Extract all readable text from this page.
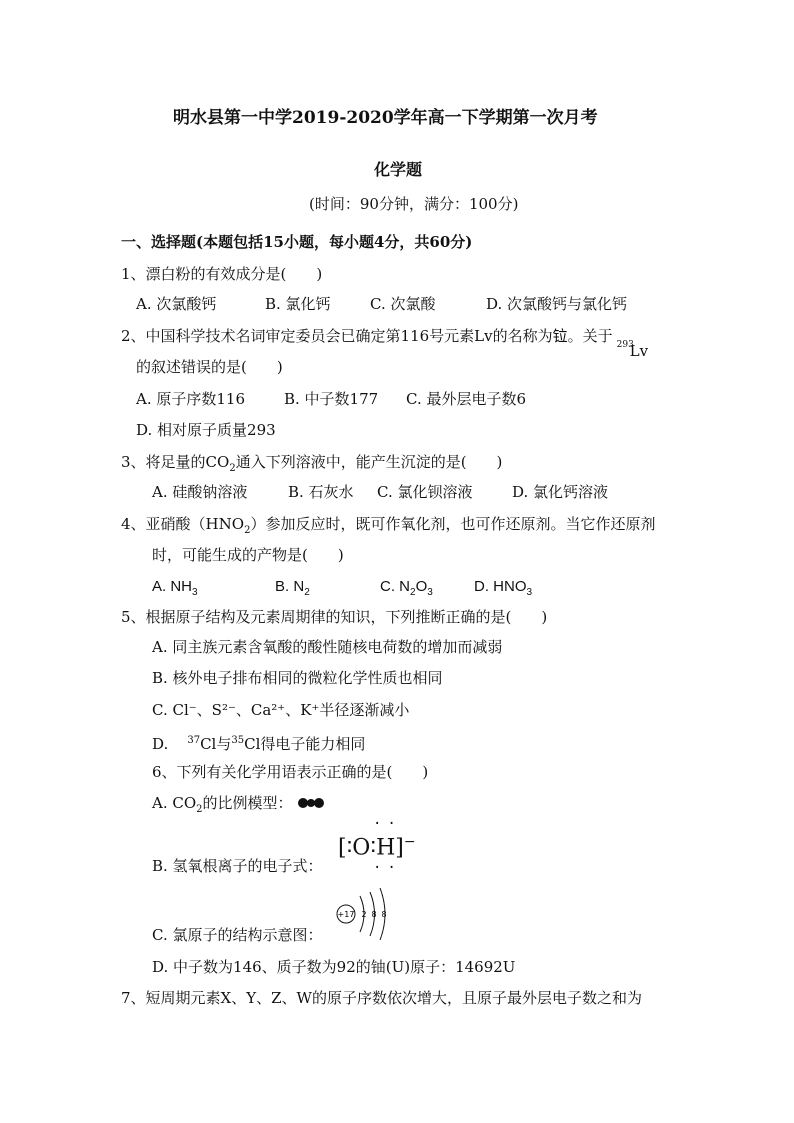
明水县第一中学2019-2020学年高一下学期第一次月考
化学题
(时间：90分钟，满分：100分)
一、选择题(本题包括15小题，每小题4分，共60分)
1、漂白粉的有效成分是(　　)
A. 次氯酸钙	B. 氯化钙	C. 次氯酸	D. 次氯酸钙与氯化钙
2、中国科学技术名词审定委员会已确定第116号元素Lv的名称为𫟷。关于 293
Lv
的叙述错误的是(　　)
A. 原子序数116	B. 中子数177 C. 最外层电子数6
D. 相对原子质量293
3、将足量的$CO_2$通入下列溶液中，能产生沉淀的是(　　)
A. 硅酸钠溶液	B. 石灰水 C. 氯化钡溶液	D. 氯化钙溶液
4、亚硝酸$(HNO_2)$参加反应时，既可作氧化剂，也可作还原剂。当它作还原剂
时，可能生成的产物是(　　)
A. $NH_3$	B. $N_2$	C. $N_2O_3$	D. $HNO_3$
5、根据原子结构及元素周期律的知识，下列推断正确的是(　　)
A. 同主族元素含氧酸的酸性随核电荷数的增加而减弱
B. 核外电子排布相同的微粒化学性质也相同
C. Cl⁻、S²⁻、Ca²⁺、K⁺半径逐渐减小
D. $^{37}$Cl与$^{35}$Cl得电子能力相同
6、下列有关化学用语表示正确的是(　　)
A. $CO_2$的比例模型：
··
[∶O∶H]−
··
B. 氢氧根离子的电子式：
+17 2 8 8
C. 氯原子的结构示意图：
D. 中子数为146、质子数为92的铀(U)原子：14692U
7、短周期元素X、Y、Z、W的原子序数依次增大，且原子最外层电子数之和为
